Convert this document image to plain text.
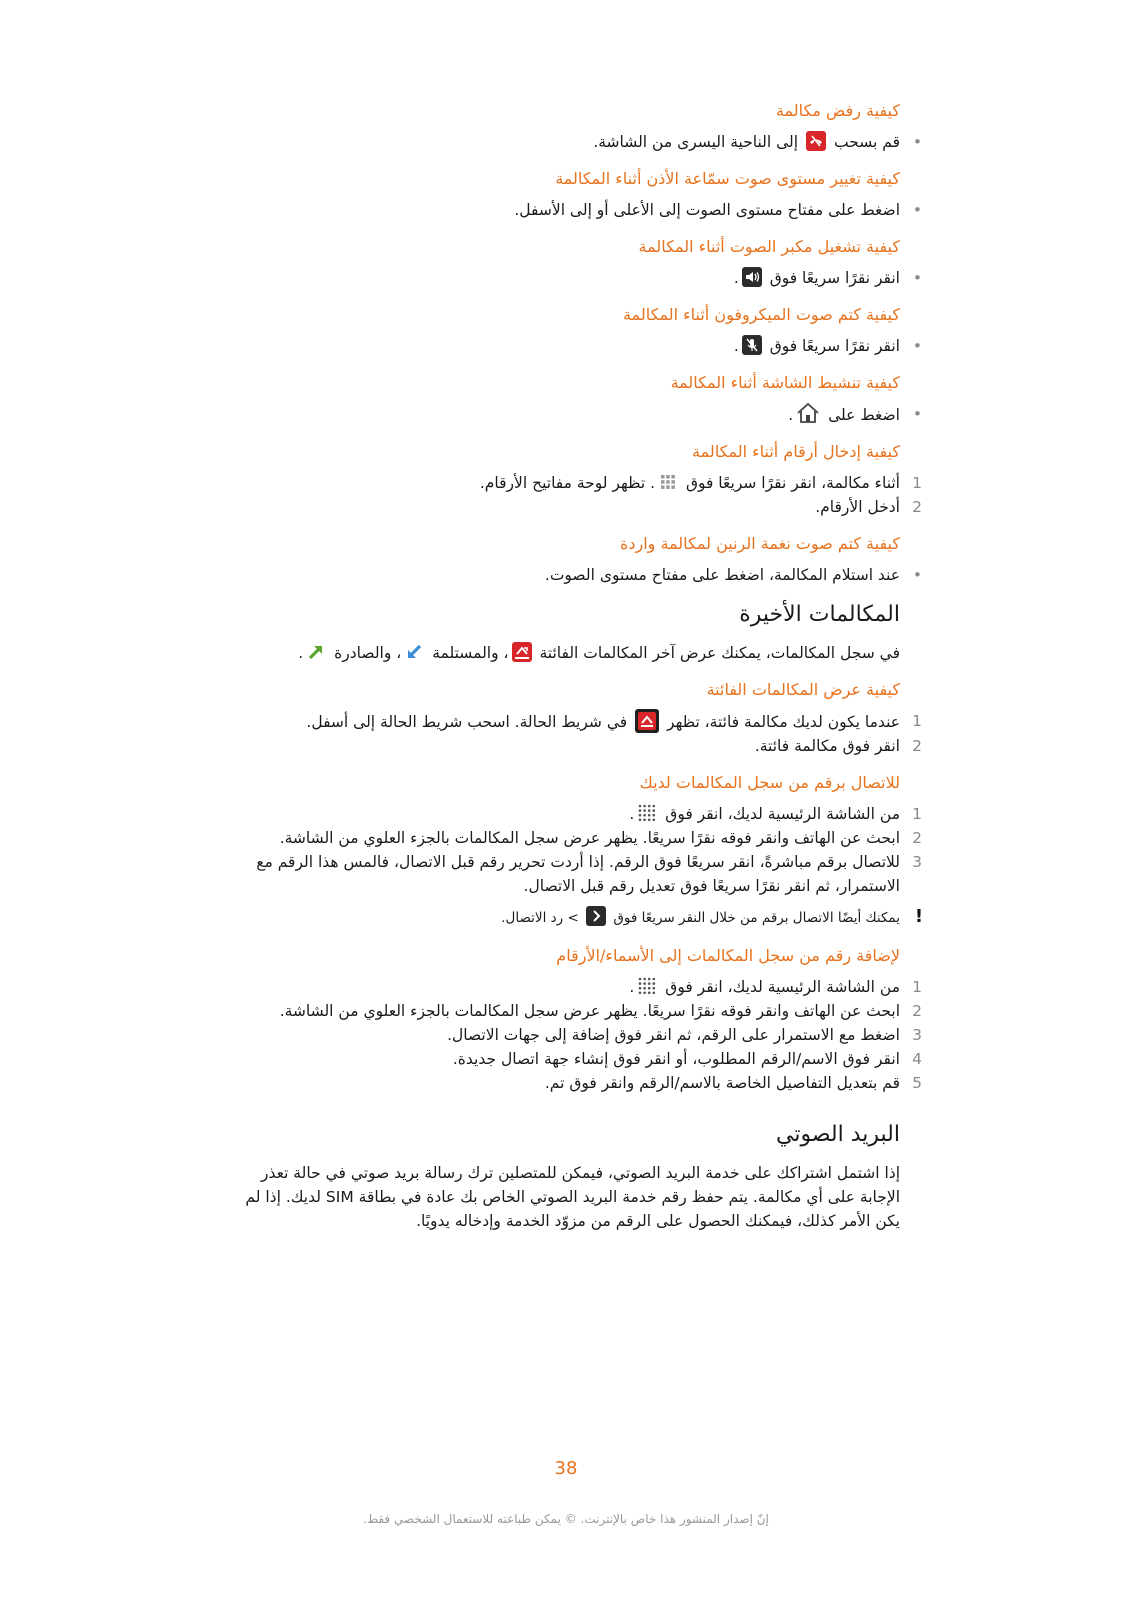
كيفية رفض مكالمة
• قم بسحب
إلى الناحية اليسرى من الشاشة.
كيفية تغيير مستوى صوت سمّاعة الأذن أثناء المكالمة
• اضغط على مفتاح مستوى الصوت إلى الأعلى أو إلى الأسفل.
كيفية تشغيل مكبر الصوت أثناء المكالمة
• انقر نقرًا سريعًا فوق
.
كيفية كتم صوت الميكروفون أثناء المكالمة
• انقر نقرًا سريعًا فوق
.
كيفية تنشيط الشاشة أثناء المكالمة
• اضغط على
.
كيفية إدخال أرقام أثناء المكالمة
1
أثناء مكالمة، انقر نقرًا سريعًا فوق
. تظهر لوحة مفاتيح الأرقام.
2
أدخل الأرقام.
كيفية كتم صوت نغمة الرنين لمكالمة واردة
• عند استلام المكالمة، اضغط على مفتاح مستوى الصوت.
المكالمات الأخيرة

في سجل المكالمات، يمكنك عرض آخر المكالمات الفائتة
، والمستلمة
، والصادرة
.

كيفية عرض المكالمات الفائتة
1
عندما يكون لديك مكالمة فائتة، تظهر
في شريط الحالة. اسحب شريط الحالة إلى أسفل.
2
انقر فوق مكالمة فائتة.
للاتصال برقم من سجل المكالمات لديك
1
من الشاشة الرئيسية لديك، انقر فوق
.
2
ابحث عن الهاتف وانقر فوقه نقرًا سريعًا. يظهر عرض سجل المكالمات بالجزء العلوي من الشاشة.
3
للاتصال برقم مباشرةً، انقر سريعًا فوق الرقم. إذا أردت تحرير رقم قبل الاتصال، فالمس هذا الرقم مع الاستمرار، ثم انقر نقرًا سريعًا فوق تعديل رقم قبل الاتصال.
!
يمكنك أيضًا الاتصال برقم من خلال النقر سريعًا فوق
> رد الاتصال.
لإضافة رقم من سجل المكالمات إلى الأسماء/الأرقام
1
من الشاشة الرئيسية لديك، انقر فوق
.
2
ابحث عن الهاتف وانقر فوقه نقرًا سريعًا. يظهر عرض سجل المكالمات بالجزء العلوي من الشاشة.
3
اضغط مع الاستمرار على الرقم، ثم انقر فوق إضافة إلى جهات الاتصال.
4
انقر فوق الاسم/الرقم المطلوب، أو انقر فوق إنشاء جهة اتصال جديدة.
5
قم بتعديل التفاصيل الخاصة بالاسم/الرقم وانقر فوق تم.
البريد الصوتي

إذا اشتمل اشتراكك على خدمة البريد الصوتي، فيمكن للمتصلين ترك رسالة بريد صوتي في حالة تعذر الإجابة على أي مكالمة. يتم حفظ رقم خدمة البريد الصوتي الخاص بك عادة في بطاقة SIM لديك. إذا لم يكن الأمر كذلك، فيمكنك الحصول على الرقم من مزوّد الخدمة وإدخاله يدويًا.

38
إنّ إصدار المنشور هذا خاص بالإنترنت. © يمكن طباعته للاستعمال الشخصي فقط.
